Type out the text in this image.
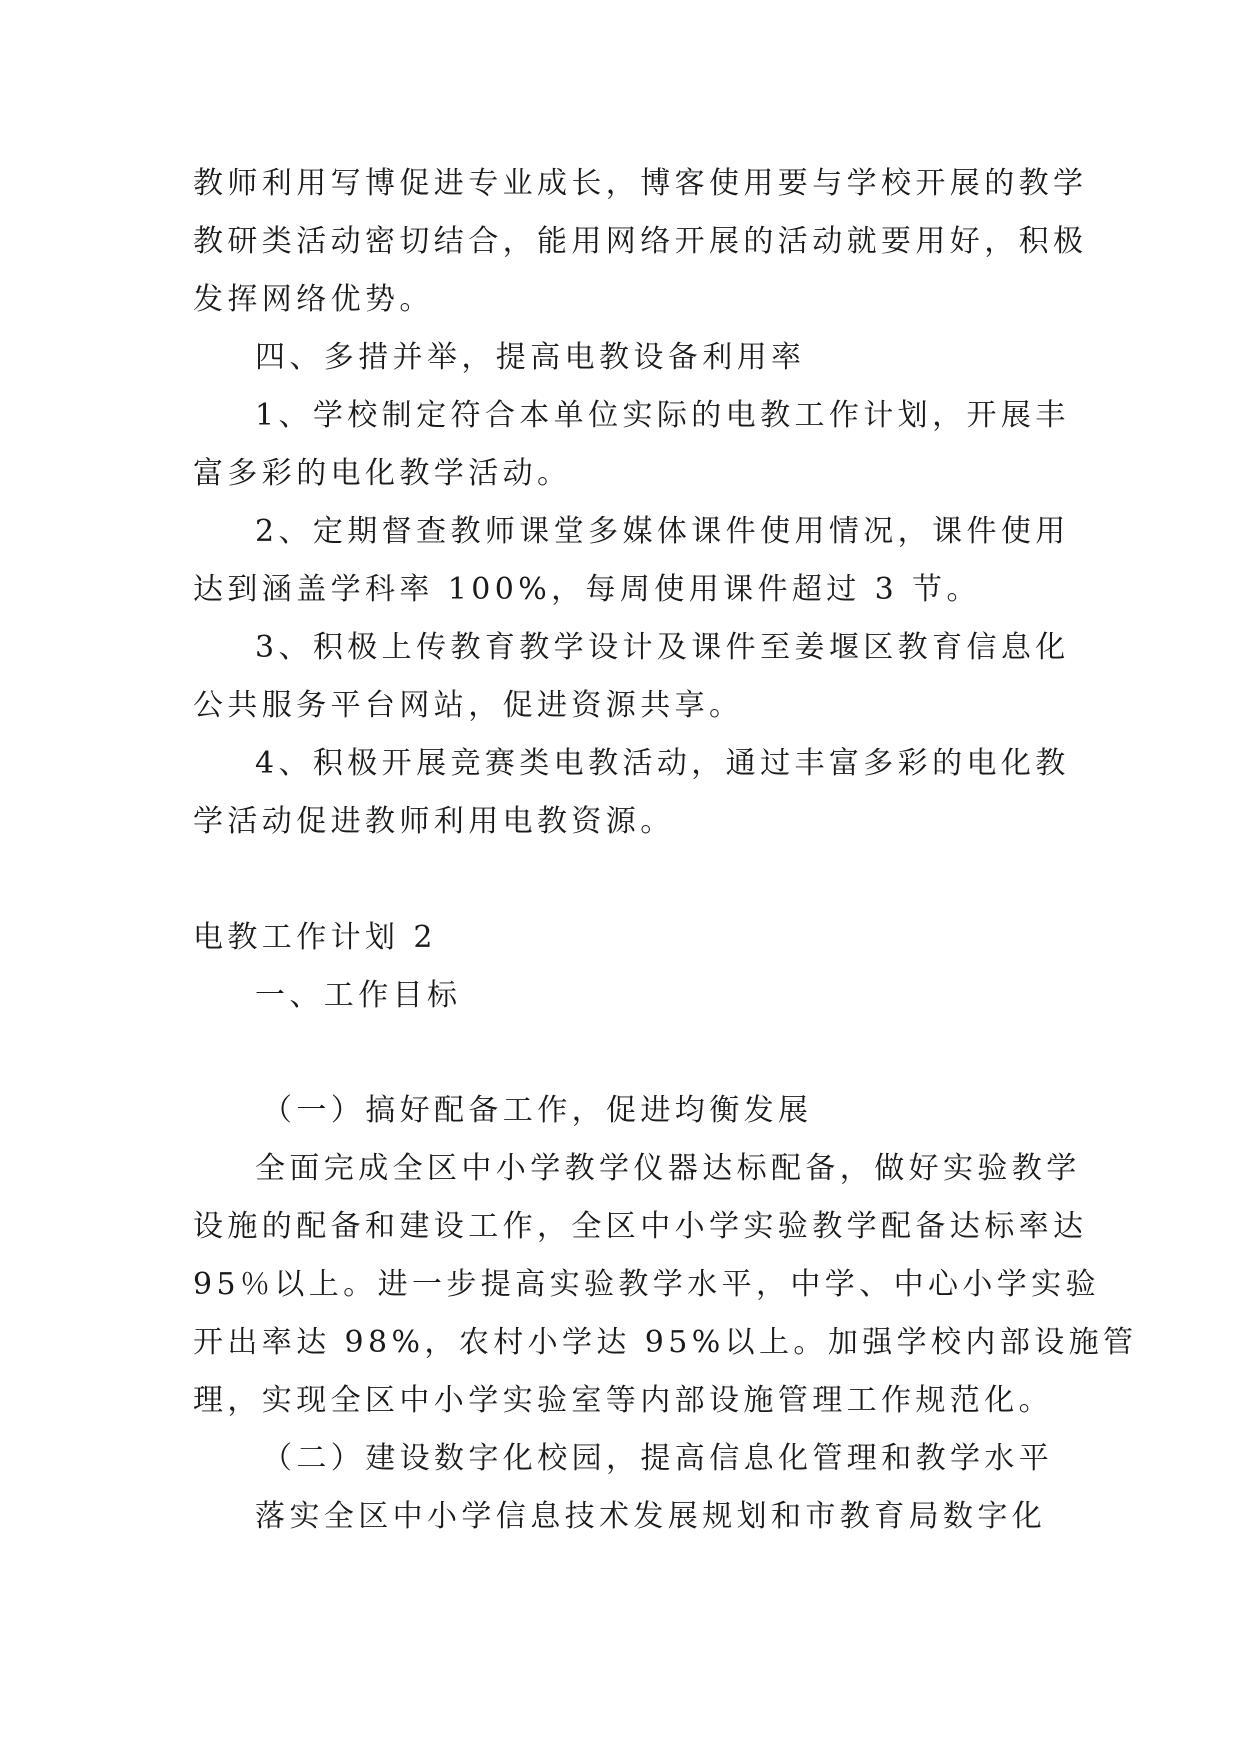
教师利用写博促进专业成长，博客使用要与学校开展的教学
教研类活动密切结合，能用网络开展的活动就要用好，积极
发挥网络优势。
四、多措并举，提高电教设备利用率
1、学校制定符合本单位实际的电教工作计划，开展丰
富多彩的电化教学活动。
2、定期督查教师课堂多媒体课件使用情况，课件使用
达到涵盖学科率 100%，每周使用课件超过 3 节。
3、积极上传教育教学设计及课件至姜堰区教育信息化
公共服务平台网站，促进资源共享。
4、积极开展竞赛类电教活动，通过丰富多彩的电化教
学活动促进教师利用电教资源。
电教工作计划 2
一、工作目标
（一）搞好配备工作，促进均衡发展
全面完成全区中小学教学仪器达标配备，做好实验教学
设施的配备和建设工作，全区中小学实验教学配备达标率达
95％以上。进一步提高实验教学水平，中学、中心小学实验
开出率达 98%，农村小学达 95%以上。加强学校内部设施管
理，实现全区中小学实验室等内部设施管理工作规范化。
（二）建设数字化校园，提高信息化管理和教学水平
落实全区中小学信息技术发展规划和市教育局数字化
